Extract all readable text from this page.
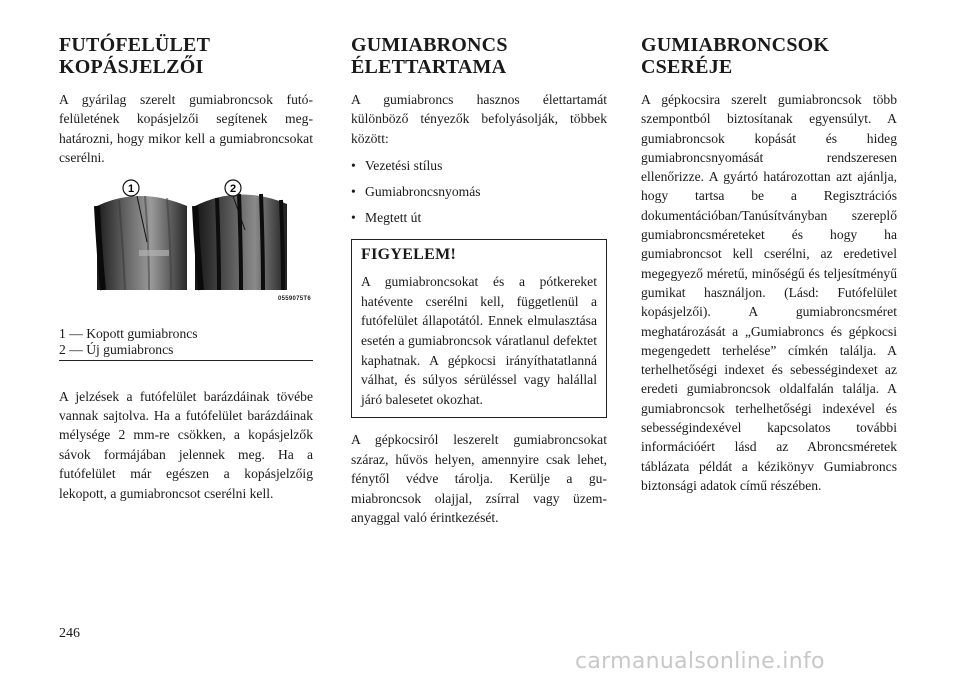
FUTÓFELÜLET
KOPÁSJELZŐI

A gyárilag szerelt gumiabroncsok futófelületének kopásjelzői segítenek meghatározni, hogy mikor kell a gumiabroncsokat cserélni.

1	2
0559075T6
1 — Kopott gumiabroncs
2 — Új gumiabroncs

A jelzések a futófelület barázdáinak tövébe vannak sajtolva. Ha a futófelület barázdáinak mélysége 2 mm-re csökken, a kopásjelzők sávok formájában jelennek meg. Ha a futófelület már egészen a kopásjelzőig lekopott, a gumiabroncsot cserélni kell.

GUMIABRONCS
ÉLETTARTAMA

A gumiabroncs hasznos élettartamát különböző tényezők befolyásolják, többek között:

• Vezetési stílus
• Gumiabroncsnyomás
• Megtett út
FIGYELEM!

A gumiabroncsokat és a pótkereket hatévente cserélni kell, függetlenül a futófelület állapotától. Ennek elmulasztása esetén a gumiabroncsok váratlanul defektet kaphatnak. A gépkocsi irányíthatatlanná válhat, és súlyos sérüléssel vagy halállal járó balesetet okozhat.

A gépkocsiról leszerelt gumiabroncsokat száraz, hűvös helyen, amennyire csak lehet, fénytől védve tárolja. Kerülje a gumiabroncsok olajjal, zsírral vagy üzemanyaggal való érintkezését.

GUMIABRONCSOK
CSERÉJE

A gépkocsira szerelt gumiabroncsok több szempontból biztosítanak egyensúlyt. A gumiabroncsok kopását és hideg gumiabroncsnyomását rendszeresen ellenőrizze. A gyártó határozottan azt ajánlja, hogy tartsa be a Regisztrációs dokumentációban/Tanúsítványban szereplő gumiabroncsméreteket és hogy ha gumiabroncsot kell cserélni, az eredetivel megegyező méretű, minőségű és teljesítményű gumikat használjon. (Lásd: Futófelület kopásjelzői). A gumiabroncsméret meghatározását a „Gumiabroncs és gépkocsi megengedett terhelése” címkén találja. A terhelhetőségi indexet és sebességindexet az eredeti gumiabroncsok oldalfalán találja. A gumiabroncsok terhelhetőségi indexével és sebességindexével kapcsolatos további információért lásd az Abroncsméretek táblázata példát a kézikönyv Gumiabroncs biztonsági adatok című részében.

246
carmanualsonline.info
